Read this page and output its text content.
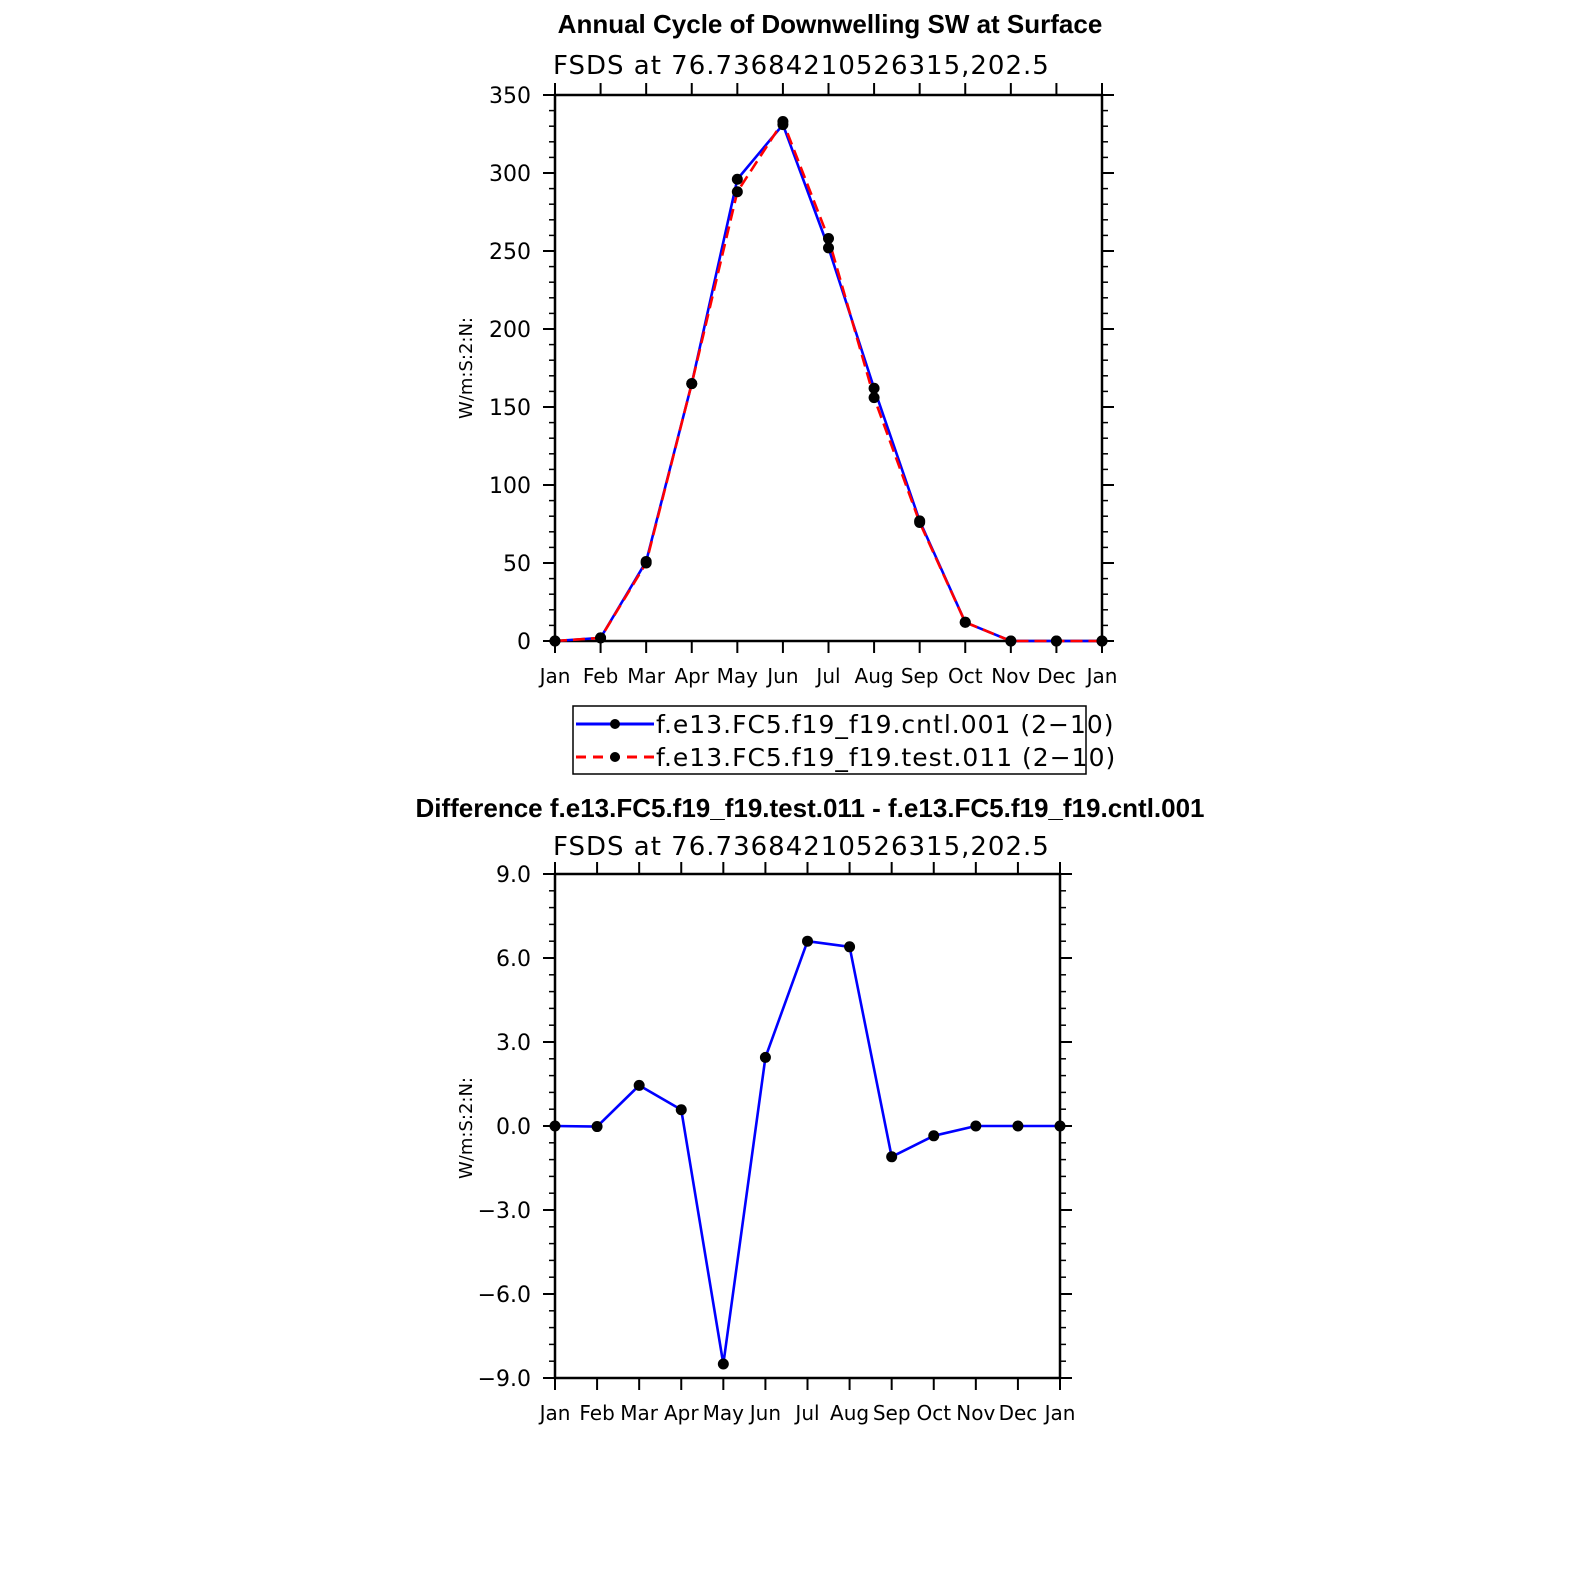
Annual Cycle of Downwelling SW at Surface
FSDS at 76.73684210526315,202.5
W/m:S:2:N:
0
50
100
150
200
250
300
350
Jan Feb Mar Apr May Jun Jul Aug Sep Oct Nov Dec Jan
f.e13.FC5.f19_f19.cntl.001 (2−10)
f.e13.FC5.f19_f19.test.011 (2−10)
Difference f.e13.FC5.f19_f19.test.011 - f.e13.FC5.f19_f19.cntl.001
FSDS at 76.73684210526315,202.5
W/m:S:2:N:
−9.0
−6.0
−3.0
0.0
3.0
6.0
9.0
Jan Feb Mar Apr May Jun Jul Aug Sep Oct Nov Dec Jan
